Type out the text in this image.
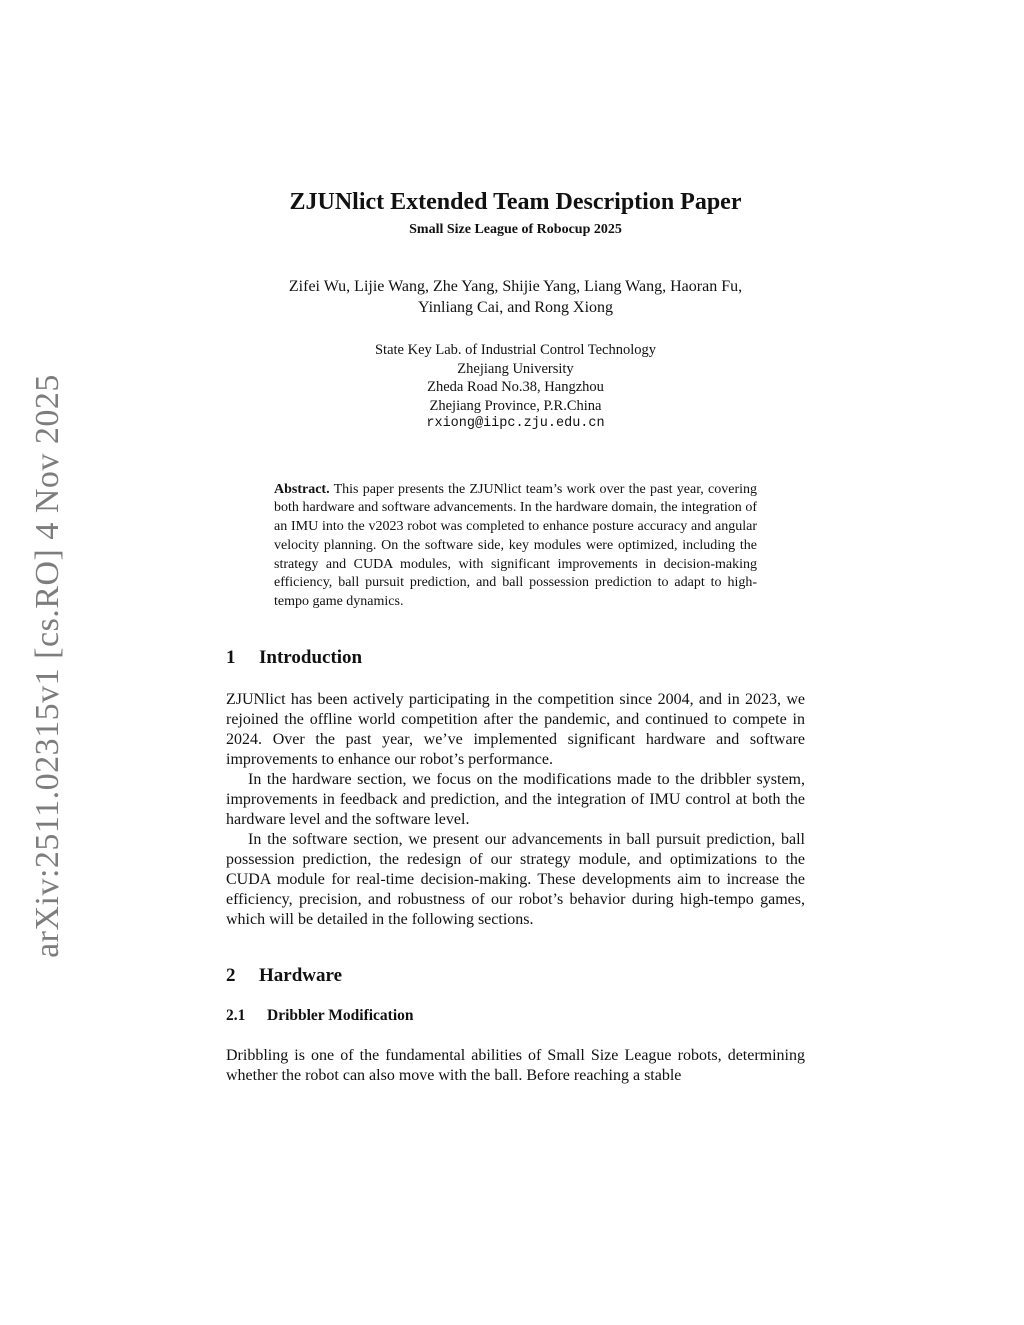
arXiv:2511.02315v1 [cs.RO] 4 Nov 2025
ZJUNlict Extended Team Description Paper
Small Size League of Robocup 2025
Zifei Wu, Lijie Wang, Zhe Yang, Shijie Yang, Liang Wang, Haoran Fu, Yinliang Cai, and Rong Xiong
State Key Lab. of Industrial Control Technology
Zhejiang University
Zheda Road No.38, Hangzhou
Zhejiang Province, P.R.China
rxiong@iipc.zju.edu.cn
Abstract. This paper presents the ZJUNlict team’s work over the past year, covering both hardware and software advancements. In the hardware domain, the integration of an IMU into the v2023 robot was completed to enhance posture accuracy and angular velocity planning. On the software side, key modules were optimized, including the strategy and CUDA modules, with significant improvements in decision-making efficiency, ball pursuit prediction, and ball possession prediction to adapt to high-tempo game dynamics.
1	Introduction

ZJUNlict has been actively participating in the competition since 2004, and in 2023, we rejoined the offline world competition after the pandemic, and continued to compete in 2024. Over the past year, we’ve implemented significant hardware and software improvements to enhance our robot’s performance.

In the hardware section, we focus on the modifications made to the dribbler system, improvements in feedback and prediction, and the integration of IMU control at both the hardware level and the software level.

In the software section, we present our advancements in ball pursuit prediction, ball possession prediction, the redesign of our strategy module, and optimizations to the CUDA module for real-time decision-making. These developments aim to increase the efficiency, precision, and robustness of our robot’s behavior during high-tempo games, which will be detailed in the following sections.

2	Hardware
2.1	Dribbler Modification

Dribbling is one of the fundamental abilities of Small Size League robots, determining whether the robot can also move with the ball. Before reaching a stable
